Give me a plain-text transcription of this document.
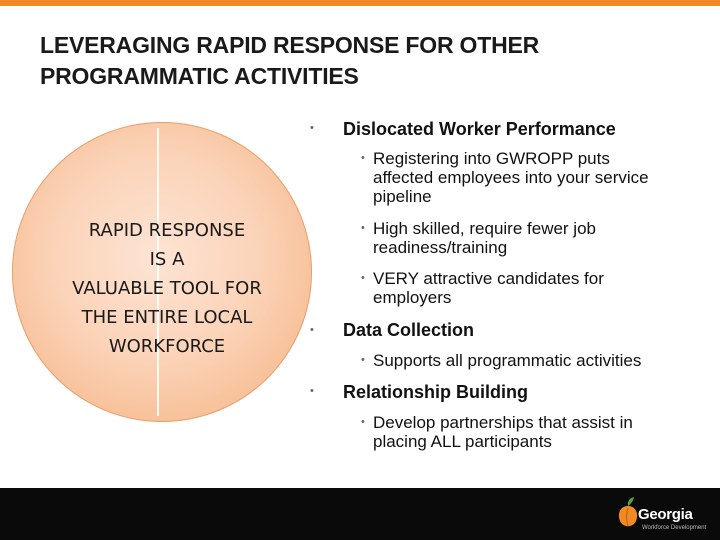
LEVERAGING RAPID RESPONSE FOR OTHER
PROGRAMMATIC ACTIVITIES
RAPID RESPONSE
IS A
VALUABLE TOOL FOR
THE ENTIRE LOCAL
WORKFORCE
• Dislocated Worker Performance
• Registering into GWROPP puts
affected employees into your service
pipeline
• High skilled, require fewer job
readiness/training
• VERY attractive candidates for
employers
• Data Collection
• Supports all programmatic activities
• Relationship Building
• Develop partnerships that assist in
placing ALL participants
Georgia
Workforce Development
